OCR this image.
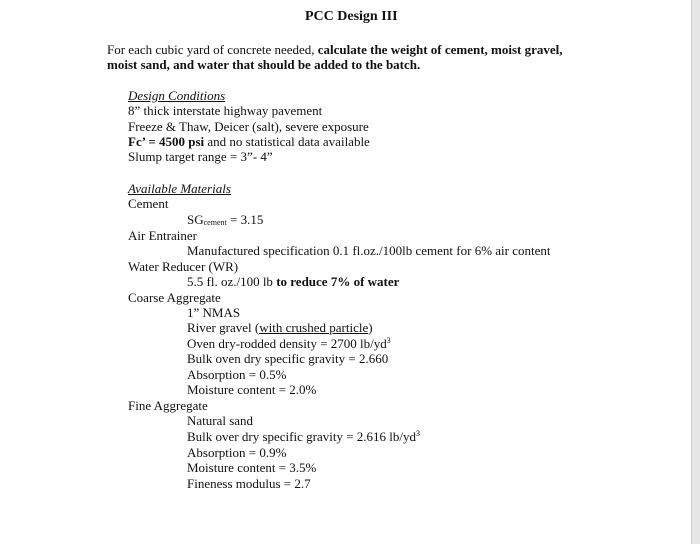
PCC Design III
For each cubic yard of concrete needed, calculate the weight of cement, moist gravel,
moist sand, and water that should be added to the batch.
Design Conditions
8” thick interstate highway pavement
Freeze & Thaw, Deicer (salt), severe exposure
Fc’ = 4500 psi and no statistical data available
Slump target range = 3”- 4”
Available Materials
Cement
$SG_{cement} = 3.15$
Air Entrainer
Manufactured specification 0.1 fl.oz./100lb cement for 6% air content
Water Reducer (WR)
5.5 fl. oz./100 lb to reduce 7% of water
Coarse Aggregate
1” NMAS
River gravel (with crushed particle)
Oven dry-rodded density = 2700 $lb/yd^3$
Bulk oven dry specific gravity = 2.660
Absorption = 0.5%
Moisture content = 2.0%
Fine Aggregate
Natural sand
Bulk over dry specific gravity = 2.616 $lb/yd^3$
Absorption = 0.9%
Moisture content = 3.5%
Fineness modulus = 2.7
